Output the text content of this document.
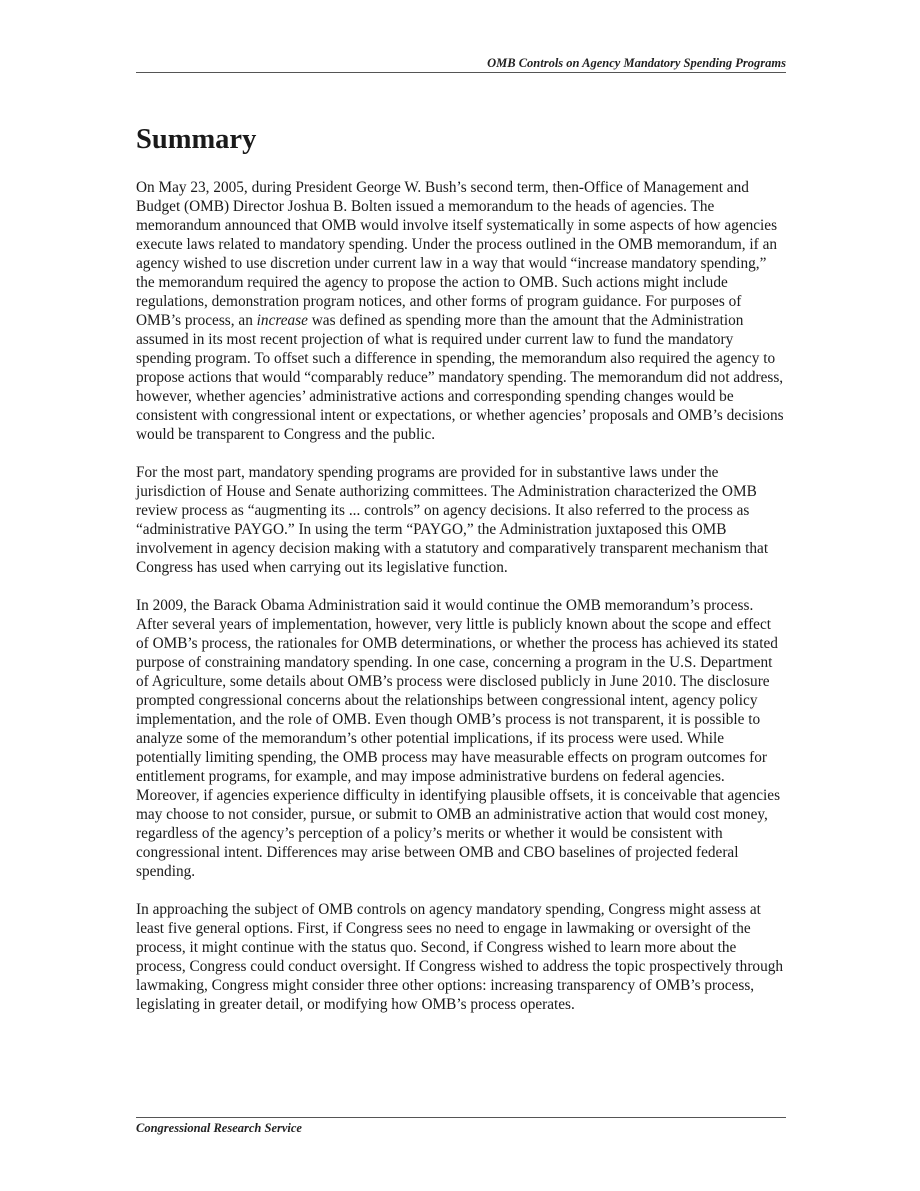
OMB Controls on Agency Mandatory Spending Programs
Summary

On May 23, 2005, during President George W. Bush’s second term, then-Office of Management and Budget (OMB) Director Joshua B. Bolten issued a memorandum to the heads of agencies. The memorandum announced that OMB would involve itself systematically in some aspects of how agencies execute laws related to mandatory spending. Under the process outlined in the OMB memorandum, if an agency wished to use discretion under current law in a way that would “increase mandatory spending,” the memorandum required the agency to propose the action to OMB. Such actions might include regulations, demonstration program notices, and other forms of program guidance. For purposes of OMB’s process, an increase was defined as spending more than the amount that the Administration assumed in its most recent projection of what is required under current law to fund the mandatory spending program. To offset such a difference in spending, the memorandum also required the agency to propose actions that would “comparably reduce” mandatory spending. The memorandum did not address, however, whether agencies’ administrative actions and corresponding spending changes would be consistent with congressional intent or expectations, or whether agencies’ proposals and OMB’s decisions would be transparent to Congress and the public.

For the most part, mandatory spending programs are provided for in substantive laws under the jurisdiction of House and Senate authorizing committees. The Administration characterized the OMB review process as “augmenting its ... controls” on agency decisions. It also referred to the process as “administrative PAYGO.” In using the term “PAYGO,” the Administration juxtaposed this OMB involvement in agency decision making with a statutory and comparatively transparent mechanism that Congress has used when carrying out its legislative function.

In 2009, the Barack Obama Administration said it would continue the OMB memorandum’s process. After several years of implementation, however, very little is publicly known about the scope and effect of OMB’s process, the rationales for OMB determinations, or whether the process has achieved its stated purpose of constraining mandatory spending. In one case, concerning a program in the U.S. Department of Agriculture, some details about OMB’s process were disclosed publicly in June 2010. The disclosure prompted congressional concerns about the relationships between congressional intent, agency policy implementation, and the role of OMB. Even though OMB’s process is not transparent, it is possible to analyze some of the memorandum’s other potential implications, if its process were used. While potentially limiting spending, the OMB process may have measurable effects on program outcomes for entitlement programs, for example, and may impose administrative burdens on federal agencies. Moreover, if agencies experience difficulty in identifying plausible offsets, it is conceivable that agencies may choose to not consider, pursue, or submit to OMB an administrative action that would cost money, regardless of the agency’s perception of a policy’s merits or whether it would be consistent with congressional intent. Differences may arise between OMB and CBO baselines of projected federal spending.

In approaching the subject of OMB controls on agency mandatory spending, Congress might assess at least five general options. First, if Congress sees no need to engage in lawmaking or oversight of the process, it might continue with the status quo. Second, if Congress wished to learn more about the process, Congress could conduct oversight. If Congress wished to address the topic prospectively through lawmaking, Congress might consider three other options: increasing transparency of OMB’s process, legislating in greater detail, or modifying how OMB’s process operates.

Congressional Research Service
